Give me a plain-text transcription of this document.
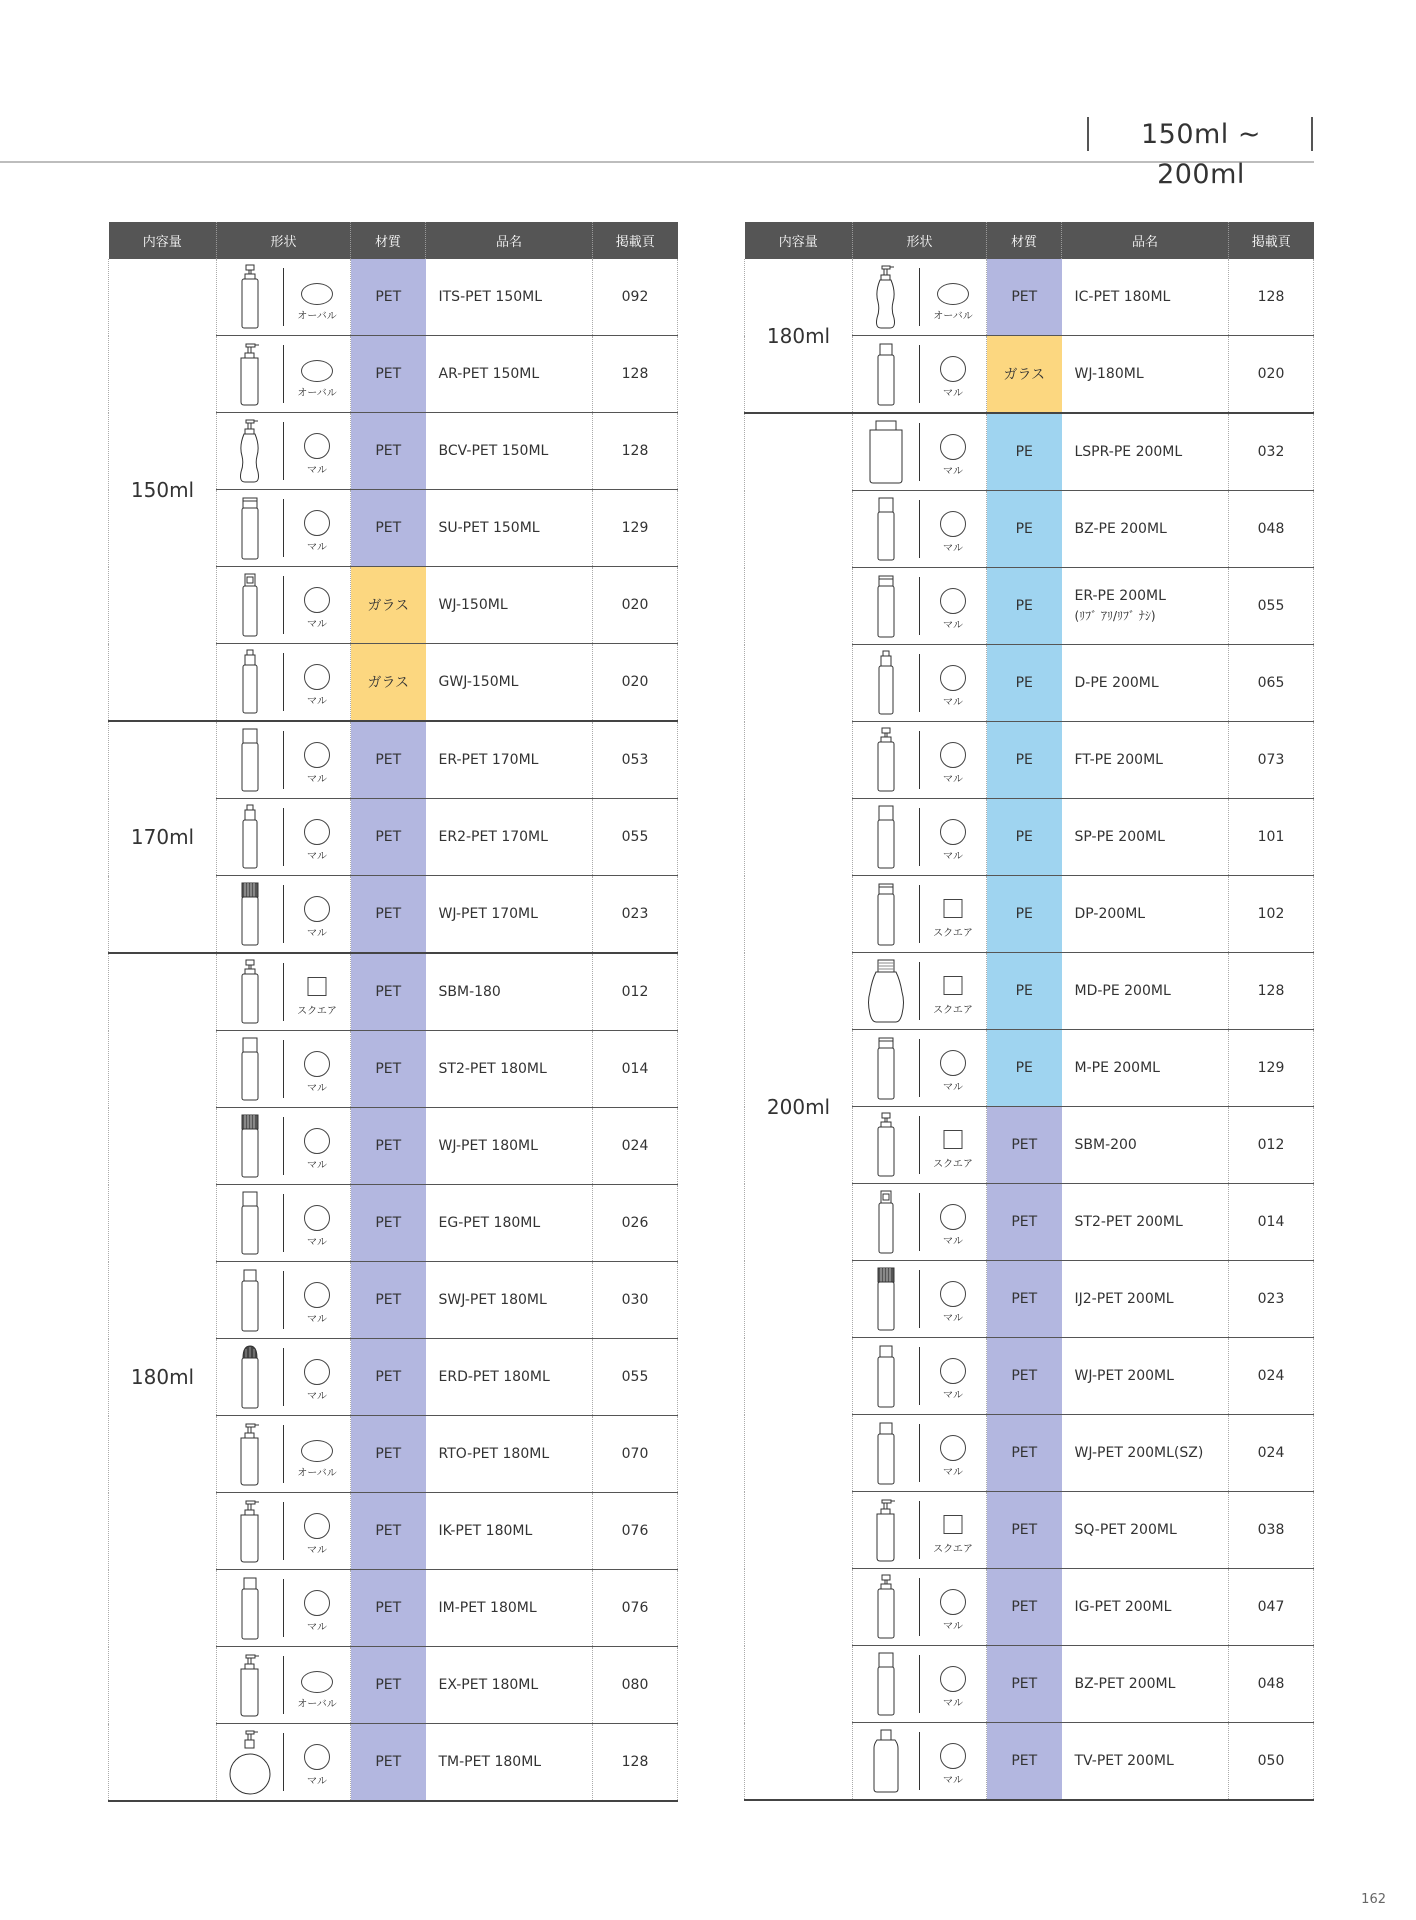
150ml ~ 200ml
内容量	形状	材質	品名	掲載頁
150ml	オーバル	PET	ITS-PET 150ML	092

	オーバル	PET	AR-PET 150ML	128

	マル	PET	BCV-PET 150ML	128

	マル	PET	SU-PET 150ML	129

	マル	ガラス	WJ-150ML	020

	マル	ガラス	GWJ-150ML	020
170ml	マル	PET	ER-PET 170ML	053

	マル	PET	ER2-PET 170ML	055

	マル	PET	WJ-PET 170ML	023
180ml	スクエア	PET	SBM-180	012

	マル	PET	ST2-PET 180ML	014

	マル	PET	WJ-PET 180ML	024

	マル	PET	EG-PET 180ML	026

	マル	PET	SWJ-PET 180ML	030

	マル	PET	ERD-PET 180ML	055

	オーバル	PET	RTO-PET 180ML	070

	マル	PET	IK-PET 180ML	076

	マル	PET	IM-PET 180ML	076

	オーバル	PET	EX-PET 180ML	080

	マル	PET	TM-PET 180ML	128
内容量	形状	材質	品名	掲載頁
180ml	オーバル	PET	IC-PET 180ML	128

	マル	ガラス	WJ-180ML	020
200ml	マル	PE	LSPR-PE 200ML	032

	マル	PE	BZ-PE 200ML	048

	マル	PE	ER-PE 200ML
(ﾘﾌﾞ ｱﾘ/ﾘﾌﾞ ﾅｼ)	055

	マル	PE	D-PE 200ML	065

	マル	PE	FT-PE 200ML	073

	マル	PE	SP-PE 200ML	101

	スクエア	PE	DP-200ML	102

	スクエア	PE	MD-PE 200ML	128

	マル	PE	M-PE 200ML	129

	スクエア	PET	SBM-200	012

	マル	PET	ST2-PET 200ML	014

	マル	PET	IJ2-PET 200ML	023

	マル	PET	WJ-PET 200ML	024

	マル	PET	WJ-PET 200ML(SZ)	024

	スクエア	PET	SQ-PET 200ML	038

	マル	PET	IG-PET 200ML	047

	マル	PET	BZ-PET 200ML	048

	マル	PET	TV-PET 200ML	050
162
